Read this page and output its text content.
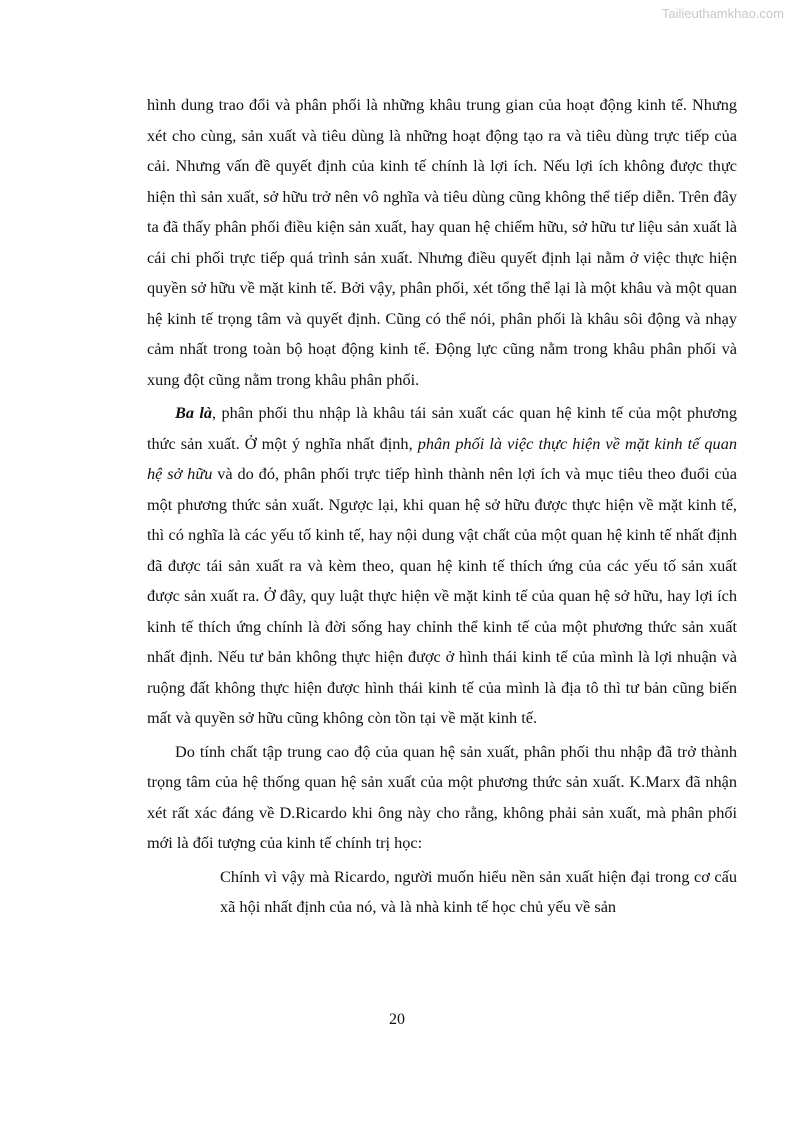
Tailieuthamkhao.com

hình dung trao đổi và phân phối là những khâu trung gian của hoạt động kinh tế. Nhưng xét cho cùng, sản xuất và tiêu dùng là những hoạt động tạo ra và tiêu dùng trực tiếp của cải. Nhưng vấn đề quyết định của kinh tế chính là lợi ích. Nếu lợi ích không được thực hiện thì sản xuất, sở hữu trở nên vô nghĩa và tiêu dùng cũng không thể tiếp diễn. Trên đây ta đã thấy phân phối điều kiện sản xuất, hay quan hệ chiếm hữu, sở hữu tư liệu sản xuất là cái chi phối trực tiếp quá trình sản xuất. Nhưng điều quyết định lại nằm ở việc thực hiện quyền sở hữu về mặt kinh tế. Bởi vậy, phân phối, xét tổng thể lại là một khâu và một quan hệ kinh tế trọng tâm và quyết định. Cũng có thể nói, phân phối là khâu sôi động và nhạy cảm nhất trong toàn bộ hoạt động kinh tế. Động lực cũng nằm trong khâu phân phối và xung đột cũng nằm trong khâu phân phối.

Ba là, phân phối thu nhập là khâu tái sản xuất các quan hệ kinh tế của một phương thức sản xuất. Ở một ý nghĩa nhất định, phân phối là việc thực hiện về mặt kinh tế quan hệ sở hữu và do đó, phân phối trực tiếp hình thành nên lợi ích và mục tiêu theo đuổi của một phương thức sản xuất. Ngược lại, khi quan hệ sở hữu được thực hiện về mặt kinh tế, thì có nghĩa là các yếu tố kinh tế, hay nội dung vật chất của một quan hệ kinh tế nhất định đã được tái sản xuất ra và kèm theo, quan hệ kinh tế thích ứng của các yếu tố sản xuất được sản xuất ra. Ở đây, quy luật thực hiện về mặt kinh tế của quan hệ sở hữu, hay lợi ích kinh tế thích ứng chính là đời sống hay chỉnh thể kinh tế của một phương thức sản xuất nhất định. Nếu tư bản không thực hiện được ở hình thái kinh tế của mình là lợi nhuận và ruộng đất không thực hiện được hình thái kinh tế của mình là địa tô thì tư bản cũng biến mất và quyền sở hữu cũng không còn tồn tại về mặt kinh tế.

Do tính chất tập trung cao độ của quan hệ sản xuất, phân phối thu nhập đã trở thành trọng tâm của hệ thống quan hệ sản xuất của một phương thức sản xuất. K.Marx đã nhận xét rất xác đáng về D.Ricardo khi ông này cho rằng, không phải sản xuất, mà phân phối mới là đối tượng của kinh tế chính trị học:

Chính vì vậy mà Ricardo, người muốn hiểu nền sản xuất hiện đại trong cơ cấu xã hội nhất định của nó, và là nhà kinh tế học chủ yếu về sản

20
